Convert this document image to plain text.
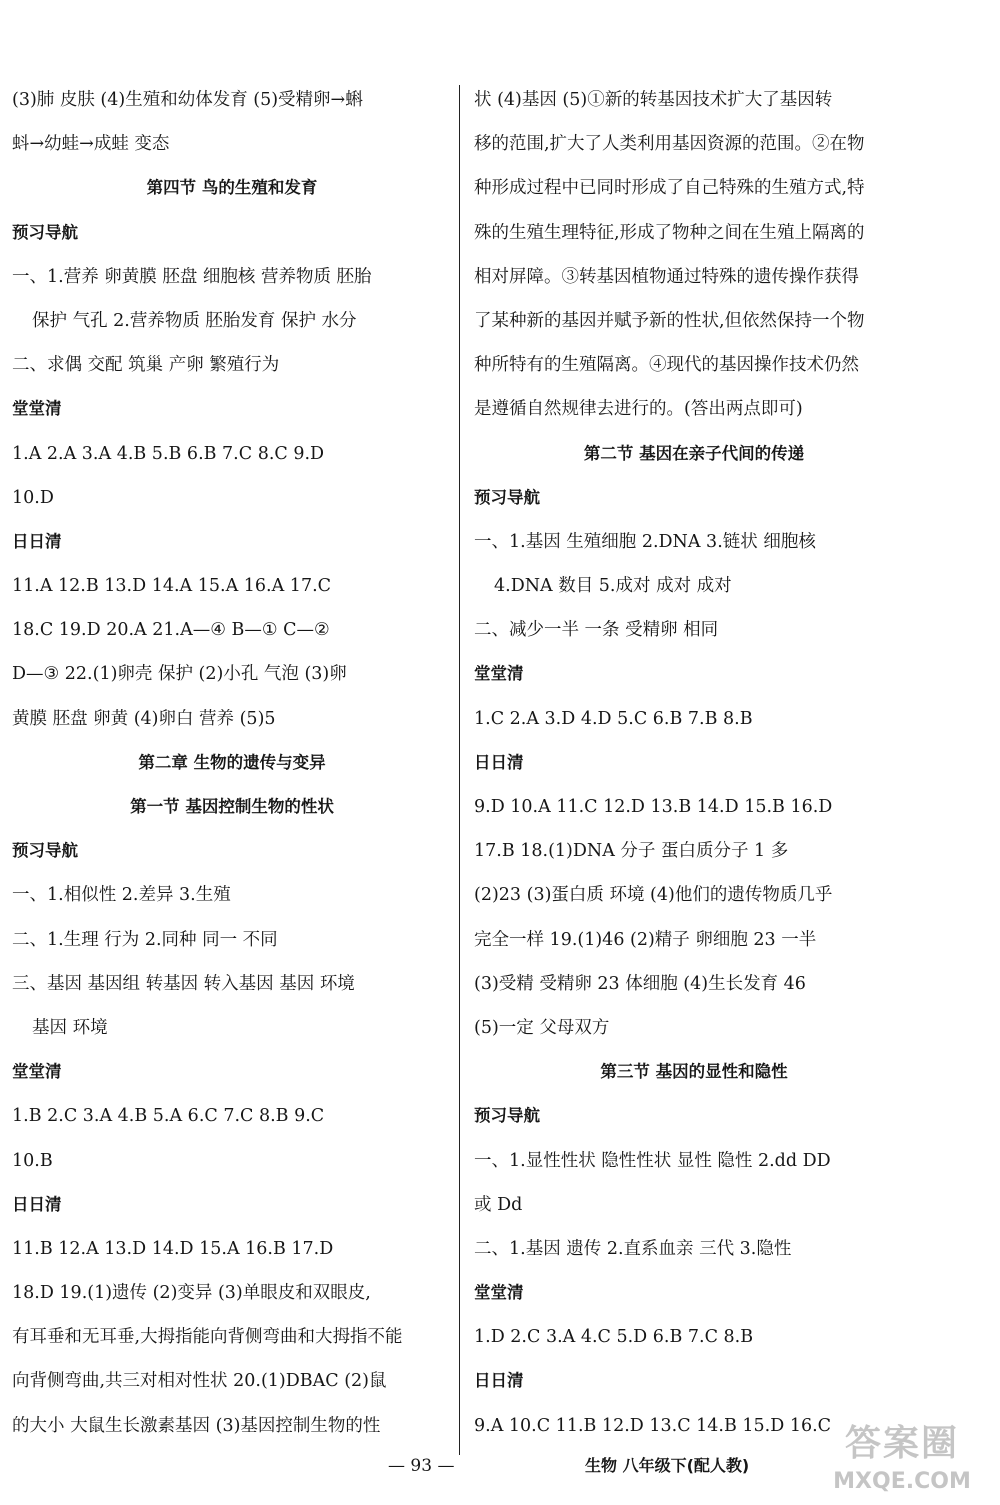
(3)肺 皮肤 (4)生殖和幼体发育 (5)受精卵→蝌
蚪→幼蛙→成蛙 变态
第四节 鸟的生殖和发育
预习导航
一、1.营养 卵黄膜 胚盘 细胞核 营养物质 胚胎
保护 气孔 2.营养物质 胚胎发育 保护 水分
二、求偶 交配 筑巢 产卵 繁殖行为
堂堂清
1.A 2.A 3.A 4.B 5.B 6.B 7.C 8.C 9.D
10.D
日日清
11.A 12.B 13.D 14.A 15.A 16.A 17.C
18.C 19.D 20.A 21.A—④ B—① C—②
D—③ 22.(1)卵壳 保护 (2)小孔 气泡 (3)卵
黄膜 胚盘 卵黄 (4)卵白 营养 (5)5
第二章 生物的遗传与变异
第一节 基因控制生物的性状
预习导航
一、1.相似性 2.差异 3.生殖
二、1.生理 行为 2.同种 同一 不同
三、基因 基因组 转基因 转入基因 基因 环境
基因 环境
堂堂清
1.B 2.C 3.A 4.B 5.A 6.C 7.C 8.B 9.C
10.B
日日清
11.B 12.A 13.D 14.D 15.A 16.B 17.D
18.D 19.(1)遗传 (2)变异 (3)单眼皮和双眼皮,
有耳垂和无耳垂,大拇指能向背侧弯曲和大拇指不能
向背侧弯曲,共三对相对性状 20.(1)DBAC (2)鼠
的大小 大鼠生长激素基因 (3)基因控制生物的性
状 (4)基因 (5)①新的转基因技术扩大了基因转
移的范围,扩大了人类利用基因资源的范围。②在物
种形成过程中已同时形成了自己特殊的生殖方式,特
殊的生殖生理特征,形成了物种之间在生殖上隔离的
相对屏障。③转基因植物通过特殊的遗传操作获得
了某种新的基因并赋予新的性状,但依然保持一个物
种所特有的生殖隔离。④现代的基因操作技术仍然
是遵循自然规律去进行的。(答出两点即可)
第二节 基因在亲子代间的传递
预习导航
一、1.基因 生殖细胞 2.DNA 3.链状 细胞核
4.DNA 数目 5.成对 成对 成对
二、减少一半 一条 受精卵 相同
堂堂清
1.C 2.A 3.D 4.D 5.C 6.B 7.B 8.B
日日清
9.D 10.A 11.C 12.D 13.B 14.D 15.B 16.D
17.B 18.(1)DNA 分子 蛋白质分子 1 多
(2)23 (3)蛋白质 环境 (4)他们的遗传物质几乎
完全一样 19.(1)46 (2)精子 卵细胞 23 一半
(3)受精 受精卵 23 体细胞 (4)生长发育 46
(5)一定 父母双方
第三节 基因的显性和隐性
预习导航
一、1.显性性状 隐性性状 显性 隐性 2.dd DD
或 Dd
二、1.基因 遗传 2.直系血亲 三代 3.隐性
堂堂清
1.D 2.C 3.A 4.C 5.D 6.B 7.C 8.B
日日清
9.A 10.C 11.B 12.D 13.C 14.B 15.D 16.C
— 93 —	生物 八年级下(配人教)
答案圈
MXQE.COM
